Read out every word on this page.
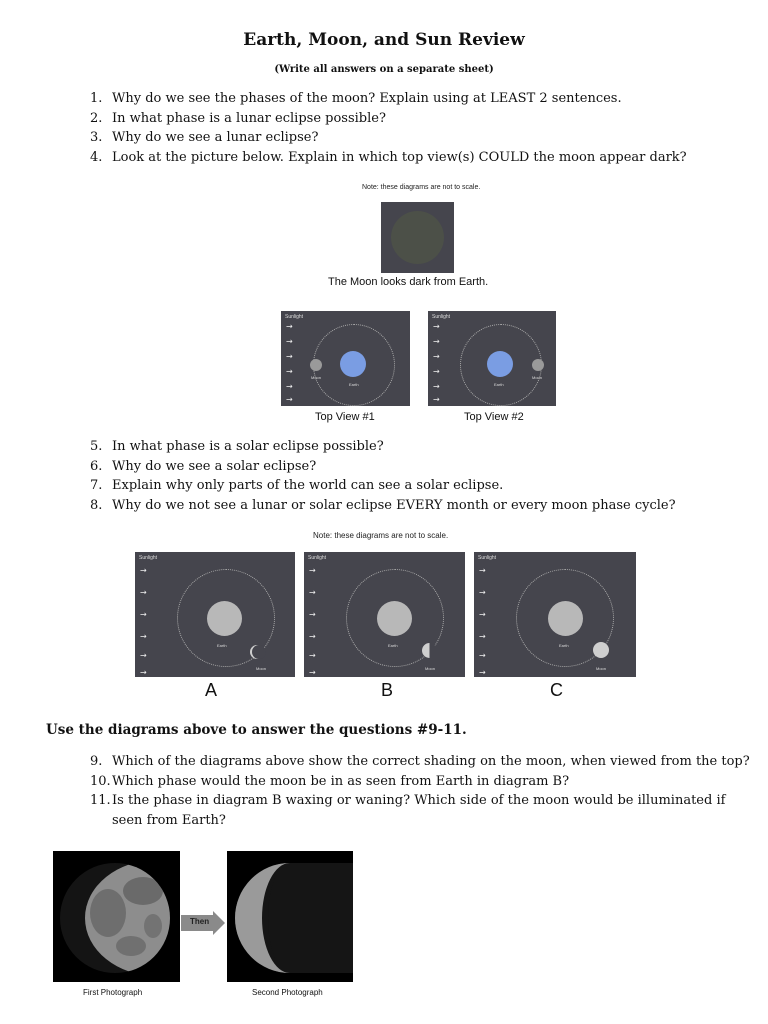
Earth, Moon, and Sun Review
(Write all answers on a separate sheet)
1. Why do we see the phases of the moon? Explain using at LEAST 2 sentences.
2. In what phase is a lunar eclipse possible?
3. Why do we see a lunar eclipse?
4. Look at the picture below. Explain in which top view(s) COULD the moon appear dark?
Note: these diagrams are not to scale.
The Moon looks dark from Earth.
Sunlight
→
→
→
→
→
→
Earth
Moon
Top View #1
Sunlight
→
→
→
→
→
→
Earth
Moon
Top View #2
5. In what phase is a solar eclipse possible?
6. Why do we see a solar eclipse?
7. Explain why only parts of the world can see a solar eclipse.
8. Why do we not see a lunar or solar eclipse EVERY month or every moon phase cycle?
Note: these diagrams are not to scale.
Sunlight
→
→
→
→
→
→
Earth
Moon
A
Sunlight
→
→
→
→
→
→
Earth
Moon
B
Sunlight
→
→
→
→
→
→
Earth
Moon
C
Use the diagrams above to answer the questions #9-11.
9. Which of the diagrams above show the correct shading on the moon, when viewed from the top?
10. Which phase would the moon be in as seen from Earth in diagram B?
11. Is the phase in diagram B waxing or waning? Which side of the moon would be illuminated if seen from Earth?
First Photograph
Then
Second Photograph
